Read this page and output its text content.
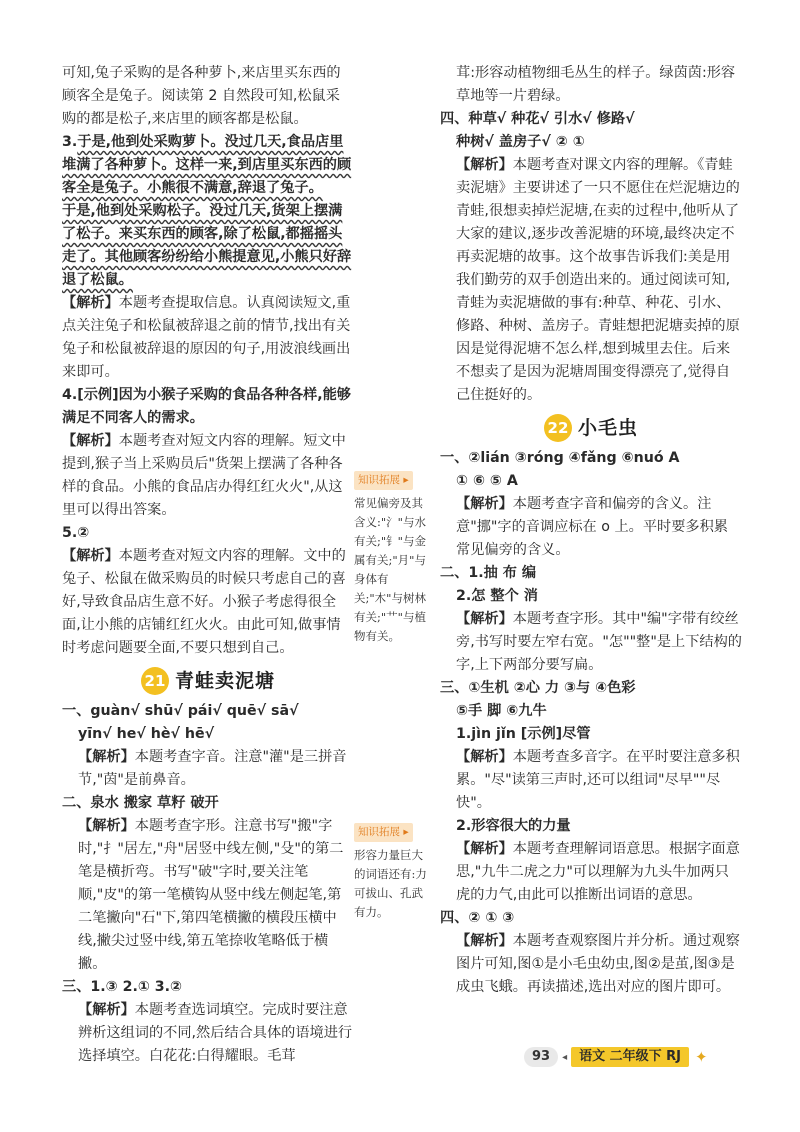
可知,兔子采购的是各种萝卜,来店里买东西的顾客全是兔子。阅读第 2 自然段可知,松鼠采购的都是松子,来店里的顾客都是松鼠。

3.于是,他到处采购萝卜。没过几天,食品店里堆满了各种萝卜。这样一来,到店里买东西的顾客全是兔子。小熊很不满意,辞退了兔子。

于是,他到处采购松子。没过几天,货架上摆满了松子。来买东西的顾客,除了松鼠,都摇摇头走了。其他顾客纷纷给小熊提意见,小熊只好辞退了松鼠。

【解析】本题考查提取信息。认真阅读短文,重点关注兔子和松鼠被辞退之前的情节,找出有关兔子和松鼠被辞退的原因的句子,用波浪线画出来即可。

4.[示例]因为小猴子采购的食品各种各样,能够满足不同客人的需求。

【解析】本题考查对短文内容的理解。短文中提到,猴子当上采购员后"货架上摆满了各种各样的食品。小熊的食品店办得红红火火",从这里可以得出答案。

5.②

【解析】本题考查对短文内容的理解。文中的兔子、松鼠在做采购员的时候只考虑自己的喜好,导致食品店生意不好。小猴子考虑得很全面,让小熊的店铺红红火火。由此可知,做事情时考虑问题要全面,不要只想到自己。

21 青蛙卖泥塘

一、guàn√ shū√ pái√ quē√ sā√

yīn√ he√ hè√ hē√

【解析】本题考查字音。注意"灌"是三拼音节,"茵"是前鼻音。

二、泉水 搬家 草籽 破开

【解析】本题考查字形。注意书写"搬"字时,"扌"居左,"舟"居竖中线左侧,"殳"的第二笔是横折弯。书写"破"字时,要关注笔顺,"皮"的第一笔横钩从竖中线左侧起笔,第二笔撇向"石"下,第四笔横撇的横段压横中线,撇尖过竖中线,第五笔捺收笔略低于横撇。

三、1.③ 2.① 3.②

【解析】本题考查选词填空。完成时要注意辨析这组词的不同,然后结合具体的语境进行选择填空。白花花:白得耀眼。毛茸

知识拓展 ▸
常见偏旁及其含义:"氵"与水有关;"钅"与金属有关;"月"与身体有关;"木"与树林有关;"艹"与植物有关。
知识拓展 ▸
形容力量巨大的词语还有:力可拔山、孔武有力。

茸:形容动植物细毛丛生的样子。绿茵茵:形容草地等一片碧绿。

四、种草√ 种花√ 引水√ 修路√

种树√ 盖房子√ ② ①

【解析】本题考查对课文内容的理解。《青蛙卖泥塘》主要讲述了一只不愿住在烂泥塘边的青蛙,很想卖掉烂泥塘,在卖的过程中,他听从了大家的建议,逐步改善泥塘的环境,最终决定不再卖泥塘的故事。这个故事告诉我们:美是用我们勤劳的双手创造出来的。通过阅读可知,青蛙为卖泥塘做的事有:种草、种花、引水、修路、种树、盖房子。青蛙想把泥塘卖掉的原因是觉得泥塘不怎么样,想到城里去住。后来不想卖了是因为泥塘周围变得漂亮了,觉得自己住挺好的。

22 小毛虫

一、②lián ③róng ④fǎng ⑥nuó A

① ⑥ ⑤ A

【解析】本题考查字音和偏旁的含义。注意"挪"字的音调应标在 o 上。平时要多积累常见偏旁的含义。

二、1.抽 布 编

2.怎 整个 消

【解析】本题考查字形。其中"编"字带有绞丝旁,书写时要左窄右宽。"怎""整"是上下结构的字,上下两部分要写扁。

三、①生机 ②心 力 ③与 ④色彩

⑤手 脚 ⑥九牛

1.jìn jǐn [示例]尽管

【解析】本题考查多音字。在平时要注意多积累。"尽"读第三声时,还可以组词"尽早""尽快"。

2.形容很大的力量

【解析】本题考查理解词语意思。根据字面意思,"九牛二虎之力"可以理解为九头牛加两只虎的力气,由此可以推断出词语的意思。

四、② ① ③

【解析】本题考查观察图片并分析。通过观察图片可知,图①是小毛虫幼虫,图②是茧,图③是成虫飞蛾。再读描述,选出对应的图片即可。

93	◂ 语文 二年级下 RJ ✦
